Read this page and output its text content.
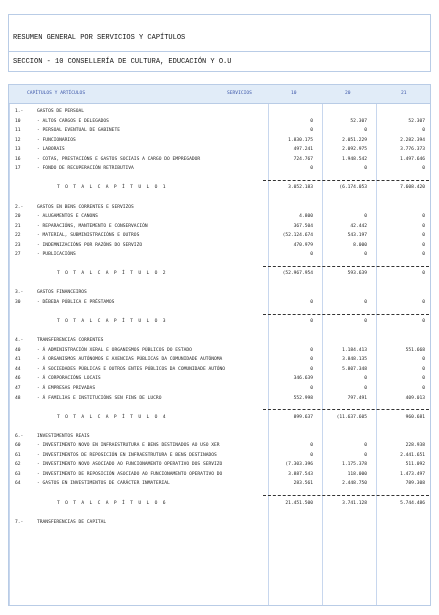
RESUMEN GENERAL POR SERVICIOS Y CAPÍTULOS
SECCION - 10 CONSELLERÍA DE CULTURA, EDUCACIÓN Y O.U
CAPÍTULOS Y ARTÍCULOS	SERVICIOS	10	20	21
1.-	GASTOS DE PERSOAL
10	- ALTOS CARGOS E DELEGADOS	0	52.307	52.307
11	- PERSOAL EVENTUAL DE GABINETE	0	0	0
12	- FUNCIONARIOS	1.830.175	2.051.229	2.282.394
13	- LABORAIS	497.241	2.092.975	3.776.373
16	- COTAS, PRESTACIÓNS E GASTOS SOCIAIS A CARGO DO EMPREGADOR	724.767	1.948.542	1.497.646
17	- FONDO DE RECUPERACIÓN RETRIBUTIVA	0	0	0
T O T A L C A P Í T U L O 1	3.052.183	(6.174.053	7.608.420
2.-	GASTOS EN BENS CORRENTES E SERVIZOS
20	- ALUGAMENTOS E CANONS	4.800	0	0
21	- REPARACIÓNS, MANTEMENTO E CONSERVACIÓN	367.504	42.442	0
22	- MATERIAL, SUBMINISTRACIÓNS E OUTROS	(52.124.674	543.197	0
23	- INDEMNIZACIÓNS POR RAZÓNS DO SERVIZO	470.979	8.000	0
27	- PUBLICACIÓNS	0	0	0
T O T A L C A P Í T U L O 2	(52.967.954	593.639	0
3.-	GASTOS FINANCEIROS
30	- DÉBEDA PÚBLICA E PRÉSTAMOS	0	0	0
T O T A L C A P Í T U L O 3	0	0	0
4.-	TRANSFERENCIAS CORRENTES
40	- Á ADMINISTRACIÓN XERAL E ORGANISMOS PÚBLICOS DO ESTADO	0	1.184.413	551.668
41	- Á ORGANISMOS AUTÓNOMOS E AXENCIAS PÚBLICAS DA COMUNIDADE AUTÓNOMA	0	3.848.135	0
44	- Á SOCIEDADES PÚBLICAS E OUTROS ENTES PÚBLICOS DA COMUNIDADE AUTÓNO	0	5.807.348	0
46	- Á CORPORACIÓNS LOCAIS	346.639	0	0
47	- Á EMPRESAS PRIVADAS	0	0	0
48	- Á FAMILIAS E INSTITUCIÓNS SEN FINS DE LUCRO	552.998	797.491	409.013
T O T A L C A P Í T U L O 4	899.637	(11.637.605	960.681
6.-	INVESTIMENTOS REAIS
60	- INVESTIMENTO NOVO EN INFRAESTRUTURA E BENS DESTINADOS AO USO XER	0	0	228.938
61	- INVESTIMENTOS DE REPOSICIÓN EN INFRAESTRUTURA E BENS DESTINADOS	0	0	2.441.651
62	- INVESTIMENTO NOVO ASOCIADO AO FUNCIONAMENTO OPERATIVO DOS SERVIZO	(7.303.396	1.175.378	511.092
63	- INVESTIMENTO DE REPOSICIÓN ASOCIADO AO FUNCIONAMENTO OPERATIVO DO	3.887.543	118.000	1.473.497
64	- GASTOS EN INVESTIMENTOS DE CARÁCTER INMATERIAL	283.561	2.448.750	789.308
T O T A L C A P Í T U L O 6	21.451.500	3.741.128	5.744.486
7.-	TRANSFERENCIAS DE CAPITAL
